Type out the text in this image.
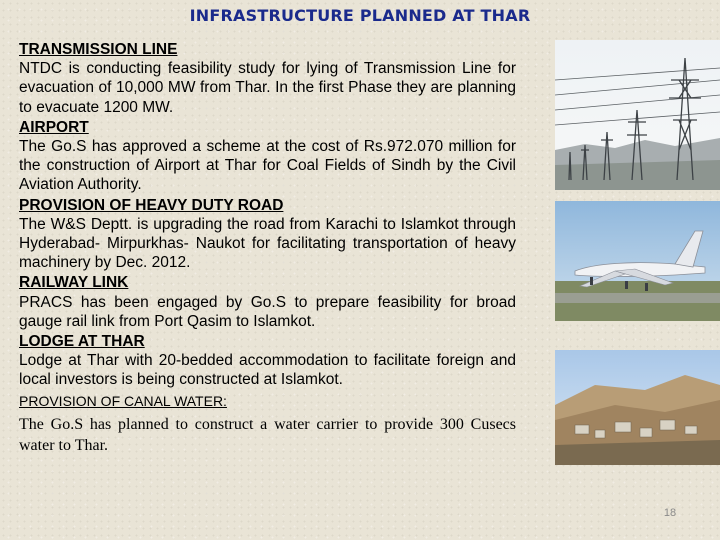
INFRASTRUCTURE PLANNED AT THAR

TRANSMISSION LINE

NTDC is conducting feasibility study for lying of Transmission Line for evacuation of 10,000 MW from Thar. In the first Phase they are planning to evacuate 1200 MW.

AIRPORT

The Go.S has approved a scheme at the cost of Rs.972.070 million for the construction of Airport at Thar for Coal Fields of Sindh by the Civil Aviation Authority.

PROVISION OF HEAVY DUTY ROAD

The W&S Deptt. is upgrading the road from Karachi to Islamkot through Hyderabad- Mirpurkhas- Naukot for facilitating transportation of heavy machinery by Dec. 2012.

RAILWAY LINK

PRACS has been engaged by Go.S to prepare feasibility for broad gauge rail link from Port Qasim to Islamkot.

LODGE AT THAR

Lodge at Thar with 20-bedded accommodation to facilitate foreign and local investors is being constructed at Islamkot.

PROVISION OF CANAL WATER:

The Go.S has planned to construct a water carrier to provide 300 Cusecs water to Thar.

18
